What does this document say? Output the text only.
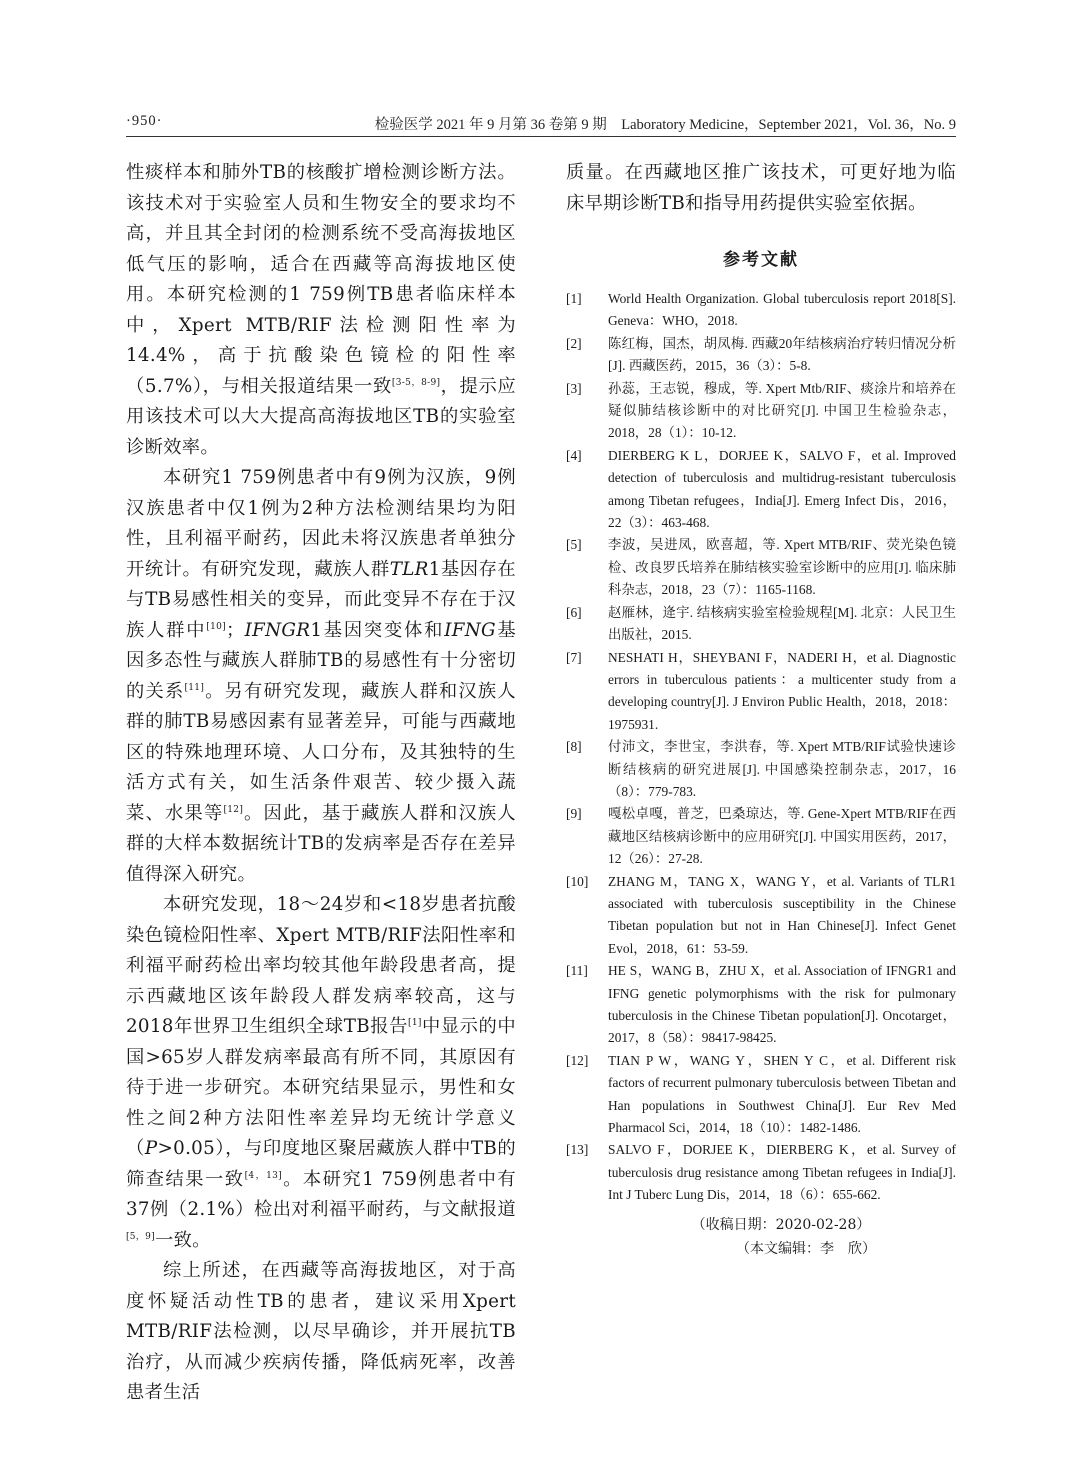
·950·	检验医学 2021 年 9 月第 36 卷第 9 期　Laboratory Medicine，September 2021，Vol. 36，No. 9

性痰样本和肺外TB的核酸扩增检测诊断方法。该技术对于实验室人员和生物安全的要求均不高，并且其全封闭的检测系统不受高海拔地区低气压的影响，适合在西藏等高海拔地区使用。本研究检测的1 759例TB患者临床样本中，Xpert MTB/RIF法检测阳性率为14.4%，高于抗酸染色镜检的阳性率（5.7%），与相关报道结果一致[3-5，8-9]，提示应用该技术可以大大提高高海拔地区TB的实验室诊断效率。

本研究1 759例患者中有9例为汉族，9例汉族患者中仅1例为2种方法检测结果均为阳性，且利福平耐药，因此未将汉族患者单独分开统计。有研究发现，藏族人群TLR1基因存在与TB易感性相关的变异，而此变异不存在于汉族人群中[10]；IFNGR1基因突变体和IFNG基因多态性与藏族人群肺TB的易感性有十分密切的关系[11]。另有研究发现，藏族人群和汉族人群的肺TB易感因素有显著差异，可能与西藏地区的特殊地理环境、人口分布，及其独特的生活方式有关，如生活条件艰苦、较少摄入蔬菜、水果等[12]。因此，基于藏族人群和汉族人群的大样本数据统计TB的发病率是否存在差异值得深入研究。

本研究发现，18～24岁和<18岁患者抗酸染色镜检阳性率、Xpert MTB/RIF法阳性率和利福平耐药检出率均较其他年龄段患者高，提示西藏地区该年龄段人群发病率较高，这与2018年世界卫生组织全球TB报告[1]中显示的中国>65岁人群发病率最高有所不同，其原因有待于进一步研究。本研究结果显示，男性和女性之间2种方法阳性率差异均无统计学意义（P>0.05），与印度地区聚居藏族人群中TB的筛查结果一致[4，13]。本研究1 759例患者中有37例（2.1%）检出对利福平耐药，与文献报道[5，9]一致。

综上所述，在西藏等高海拔地区，对于高度怀疑活动性TB的患者，建议采用Xpert MTB/RIF法检测，以尽早确诊，并开展抗TB治疗，从而减少疾病传播，降低病死率，改善患者生活

质量。在西藏地区推广该技术，可更好地为临床早期诊断TB和指导用药提供实验室依据。

参考文献
[1] World Health Organization. Global tuberculosis report 2018[S]. Geneva：WHO，2018.
[2] 陈红梅，国杰，胡凤梅. 西藏20年结核病治疗转归情况分析[J]. 西藏医药，2015，36（3）：5-8.
[3] 孙蕊，王志锐，穆成，等. Xpert Mtb/RIF、痰涂片和培养在疑似肺结核诊断中的对比研究[J]. 中国卫生检验杂志，2018，28（1）：10-12.
[4] DIERBERG K L，DORJEE K，SALVO F，et al. Improved detection of tuberculosis and multidrug-resistant tuberculosis among Tibetan refugees，India[J]. Emerg Infect Dis，2016，22（3）：463-468.
[5] 李波，吴进凤，欧喜超，等. Xpert MTB/RIF、荧光染色镜检、改良罗氏培养在肺结核实验室诊断中的应用[J]. 临床肺科杂志，2018，23（7）：1165-1168.
[6] 赵雁林，逄宇. 结核病实验室检验规程[M]. 北京：人民卫生出版社，2015.
[7] NESHATI H，SHEYBANI F，NADERI H，et al. Diagnostic errors in tuberculous patients：a multicenter study from a developing country[J]. J Environ Public Health，2018，2018：1975931.
[8] 付沛文，李世宝，李洪春，等. Xpert MTB/RIF试验快速诊断结核病的研究进展[J]. 中国感染控制杂志，2017，16（8）：779-783.
[9] 嘎松卓嘎，普芝，巴桑琼达，等. Gene-Xpert MTB/RIF在西藏地区结核病诊断中的应用研究[J]. 中国实用医药，2017，12（26）：27-28.
[10] ZHANG M，TANG X，WANG Y，et al. Variants of TLR1 associated with tuberculosis susceptibility in the Chinese Tibetan population but not in Han Chinese[J]. Infect Genet Evol，2018，61：53-59.
[11] HE S，WANG B，ZHU X，et al. Association of IFNGR1 and IFNG genetic polymorphisms with the risk for pulmonary tuberculosis in the Chinese Tibetan population[J]. Oncotarget，2017，8（58）：98417-98425.
[12] TIAN P W，WANG Y，SHEN Y C，et al. Different risk factors of recurrent pulmonary tuberculosis between Tibetan and Han populations in Southwest China[J]. Eur Rev Med Pharmacol Sci，2014，18（10）：1482-1486.
[13] SALVO F，DORJEE K，DIERBERG K，et al. Survey of tuberculosis drug resistance among Tibetan refugees in India[J]. Int J Tuberc Lung Dis，2014，18（6）：655-662.
（收稿日期：2020-02-28）
（本文编辑：李　欣）
